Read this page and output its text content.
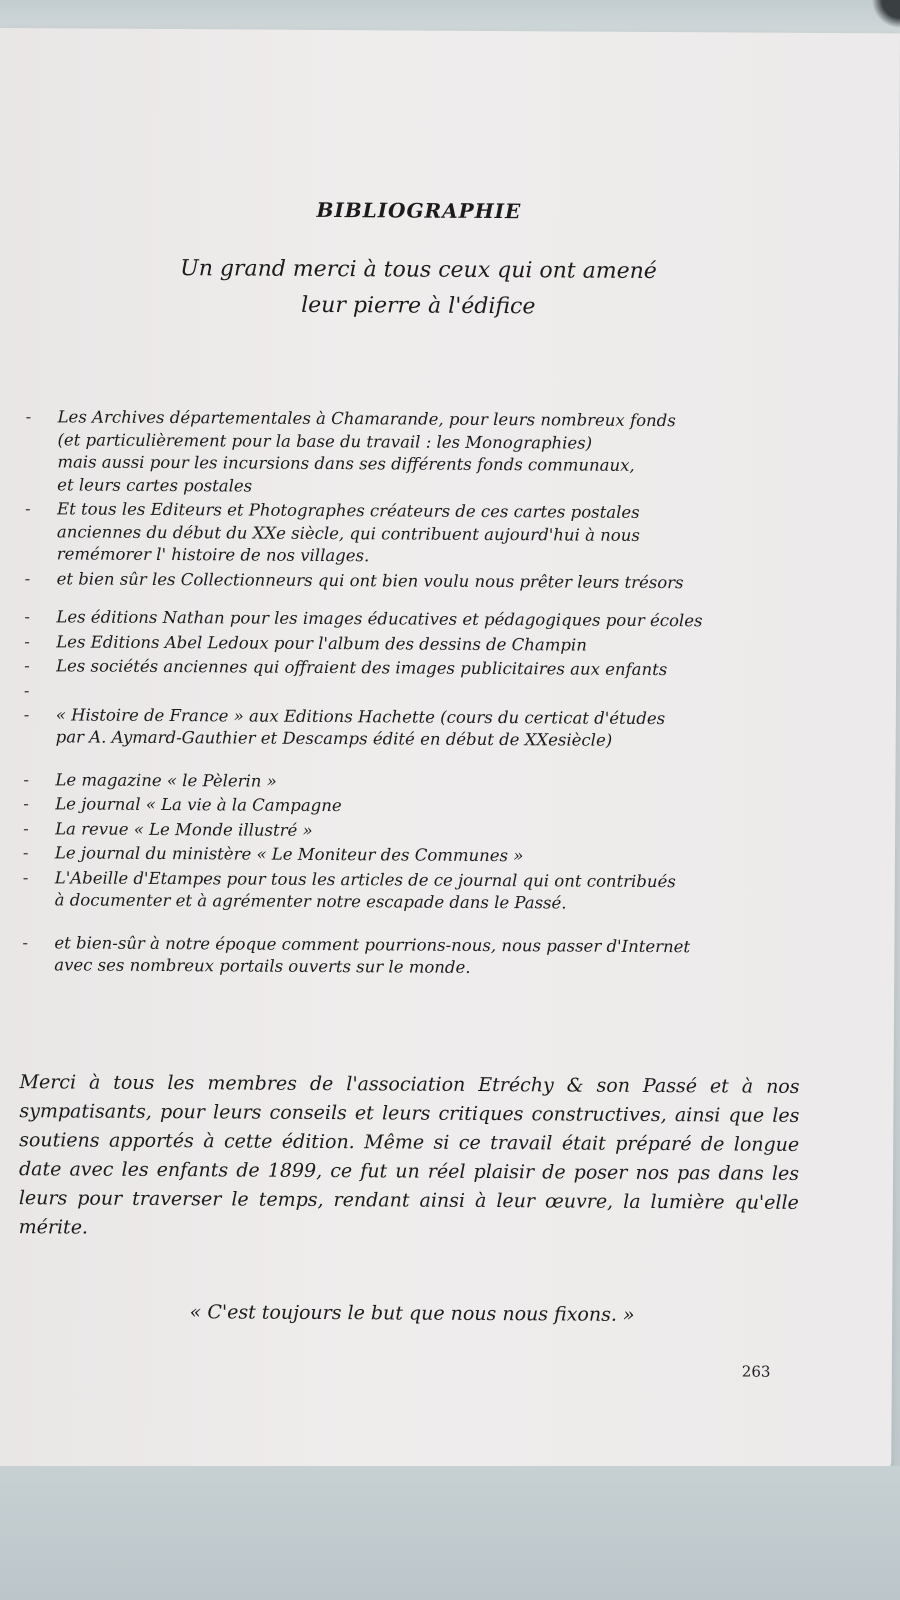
BIBLIOGRAPHIE
Un grand merci à tous ceux qui ont amené
leur pierre à l'édifice
- Les Archives départementales à Chamarande, pour leurs nombreux fonds
(et particulièrement pour la base du travail : les Monographies)
mais aussi pour les incursions dans ses différents fonds communaux,
et leurs cartes postales
- Et tous les Editeurs et Photographes créateurs de ces cartes postales
anciennes du début du XXe siècle, qui contribuent aujourd'hui à nous
remémorer l' histoire de nos villages.
- et bien sûr les Collectionneurs qui ont bien voulu nous prêter leurs trésors
- Les éditions Nathan pour les images éducatives et pédagogiques pour écoles
- Les Editions Abel Ledoux pour l'album des dessins de Champin
- Les sociétés anciennes qui offraient des images publicitaires aux enfants
-
- « Histoire de France » aux Editions Hachette (cours du certicat d'études
par A. Aymard-Gauthier et Descamps édité en début de XXesiècle)
- Le magazine « le Pèlerin »
- Le journal « La vie à la Campagne
- La revue « Le Monde illustré »
- Le journal du ministère « Le Moniteur des Communes »
- L'Abeille d'Etampes pour tous les articles de ce journal qui ont contribués
à documenter et à agrémenter notre escapade dans le Passé.
- et bien-sûr à notre époque comment pourrions-nous, nous passer d'Internet
avec ses nombreux portails ouverts sur le monde.
Merci à tous les membres de l'association Etréchy & son Passé et à nos sympatisants, pour leurs conseils et leurs critiques constructives, ainsi que les soutiens apportés à cette édition. Même si ce travail était préparé de longue date avec les enfants de 1899, ce fut un réel plaisir de poser nos pas dans les leurs pour traverser le temps, rendant ainsi à leur œuvre, la lumière qu'elle mérite.
« C'est toujours le but que nous nous fixons. »
263
